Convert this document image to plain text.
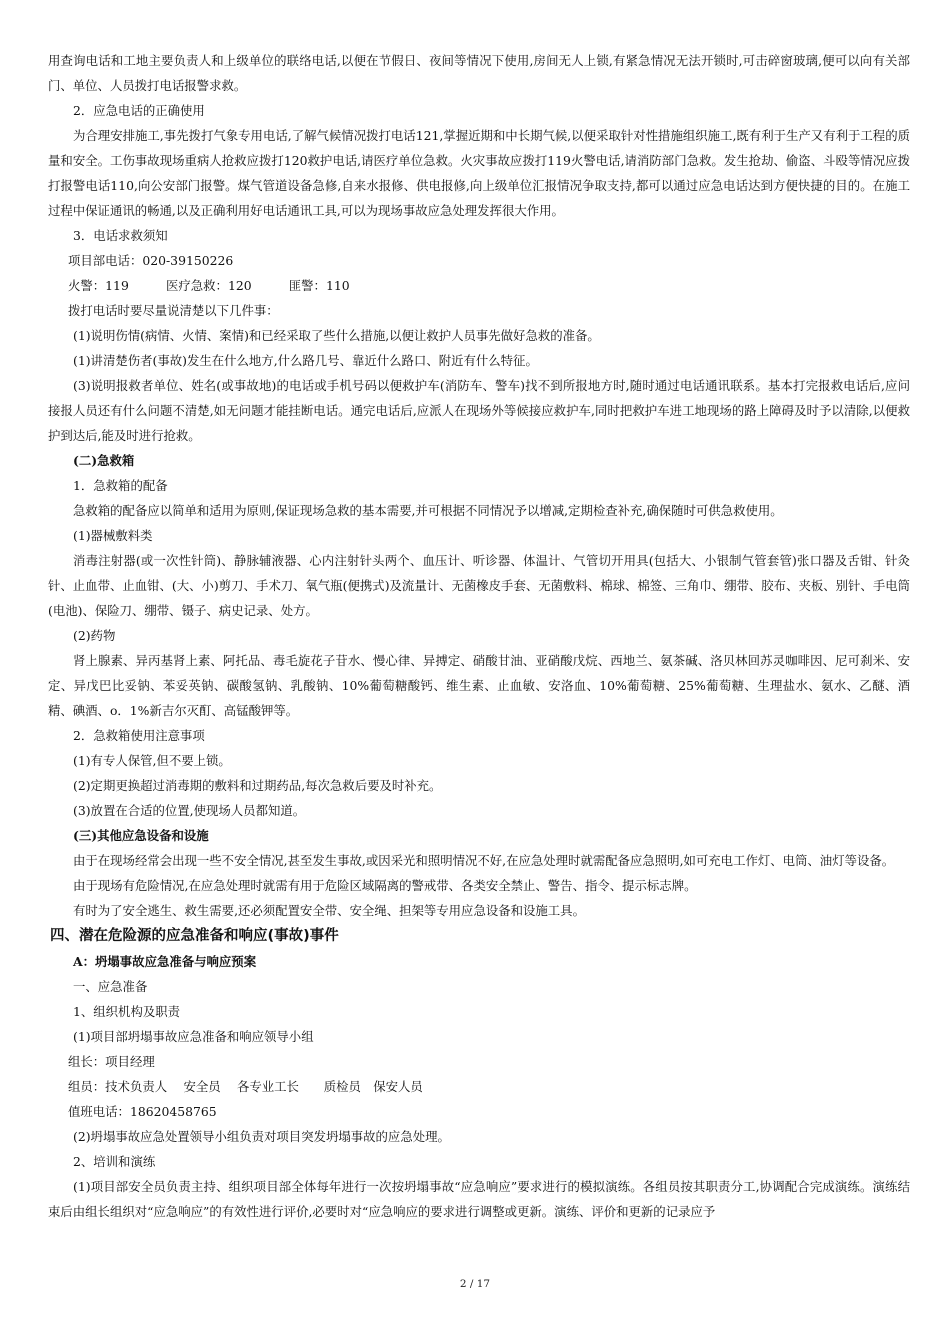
用查询电话和工地主要负责人和上级单位的联络电话,以便在节假日、夜间等情况下使用,房间无人上锁,有紧急情况无法开锁时,可击碎窗玻璃,便可以向有关部门、单位、人员拨打电话报警求救。

2．应急电话的正确使用

为合理安排施工,事先拨打气象专用电话,了解气候情况拨打电话121,掌握近期和中长期气候,以便采取针对性措施组织施工,既有利于生产又有利于工程的质量和安全。工伤事故现场重病人抢救应拨打120救护电话,请医疗单位急救。火灾事故应拨打119火警电话,请消防部门急救。发生抢劫、偷盗、斗殴等情况应拨打报警电话110,向公安部门报警。煤气管道设备急修,自来水报修、供电报修,向上级单位汇报情况争取支持,都可以通过应急电话达到方便快捷的目的。在施工过程中保证通讯的畅通,以及正确利用好电话通讯工具,可以为现场事故应急处理发挥很大作用。

3．电话求救须知

项目部电话：020-39150226

火警：119　　　医疗急救：120　　　匪警：110

拨打电话时要尽量说清楚以下几件事：

(1)说明伤情(病情、火情、案情)和已经采取了些什么措施,以便让救护人员事先做好急救的准备。

(1)讲清楚伤者(事故)发生在什么地方,什么路几号、靠近什么路口、附近有什么特征。

(3)说明报救者单位、姓名(或事故地)的电话或手机号码以便救护车(消防车、警车)找不到所报地方时,随时通过电话通讯联系。基本打完报救电话后,应问接报人员还有什么问题不清楚,如无问题才能挂断电话。通完电话后,应派人在现场外等候接应救护车,同时把救护车进工地现场的路上障碍及时予以清除,以便救护到达后,能及时进行抢救。

(二)急救箱

1．急救箱的配备

急救箱的配备应以简单和适用为原则,保证现场急救的基本需要,并可根据不同情况予以增减,定期检查补充,确保随时可供急救使用。

(1)器械敷料类

消毒注射器(或一次性针筒)、静脉辅液器、心内注射针头两个、血压计、听诊器、体温计、气管切开用具(包括大、小银制气管套管)张口器及舌钳、针灸针、止血带、止血钳、(大、小)剪刀、手术刀、氧气瓶(便携式)及流量计、无菌橡皮手套、无菌敷料、棉球、棉签、三角巾、绷带、胶布、夹板、别针、手电筒(电池)、保险刀、绷带、镊子、病史记录、处方。

(2)药物

肾上腺素、异丙基肾上素、阿托品、毒毛旋花子苷水、慢心律、异搏定、硝酸甘油、亚硝酸戊烷、西地兰、氨茶碱、洛贝林回苏灵咖啡因、尼可刹米、安定、异戊巴比妥钠、苯妥英钠、碳酸氢钠、乳酸钠、10%葡萄糖酸钙、维生素、止血敏、安洛血、10%葡萄糖、25%葡萄糖、生理盐水、氨水、乙醚、酒精、碘酒、o．1%新吉尔灭酊、高锰酸钾等。

2．急救箱使用注意事项

(1)有专人保管,但不要上锁。

(2)定期更换超过消毒期的敷料和过期药品,每次急救后要及时补充。

(3)放置在合适的位置,使现场人员都知道。

(三)其他应急设备和设施

由于在现场经常会出现一些不安全情况,甚至发生事故,或因采光和照明情况不好,在应急处理时就需配备应急照明,如可充电工作灯、电筒、油灯等设备。

由于现场有危险情况,在应急处理时就需有用于危险区域隔离的警戒带、各类安全禁止、警告、指令、提示标志牌。

有时为了安全逃生、救生需要,还必须配置安全带、安全绳、担架等专用应急设备和设施工具。

四、潜在危险源的应急准备和响应(事故)事件

A：坍塌事故应急准备与响应预案

一、应急准备

1、组织机构及职责

(1)项目部坍塌事故应急准备和响应领导小组

组长：项目经理

组员：技术负责人　 安全员　 各专业工长　　质检员　保安人员

值班电话：18620458765

(2)坍塌事故应急处置领导小组负责对项目突发坍塌事故的应急处理。

2、培训和演练

(1)项目部安全员负责主持、组织项目部全体每年进行一次按坍塌事故“应急响应”要求进行的模拟演练。各组员按其职责分工,协调配合完成演练。演练结束后由组长组织对“应急响应”的有效性进行评价,必要时对“应急响应的要求进行调整或更新。演练、评价和更新的记录应予

2 / 17
